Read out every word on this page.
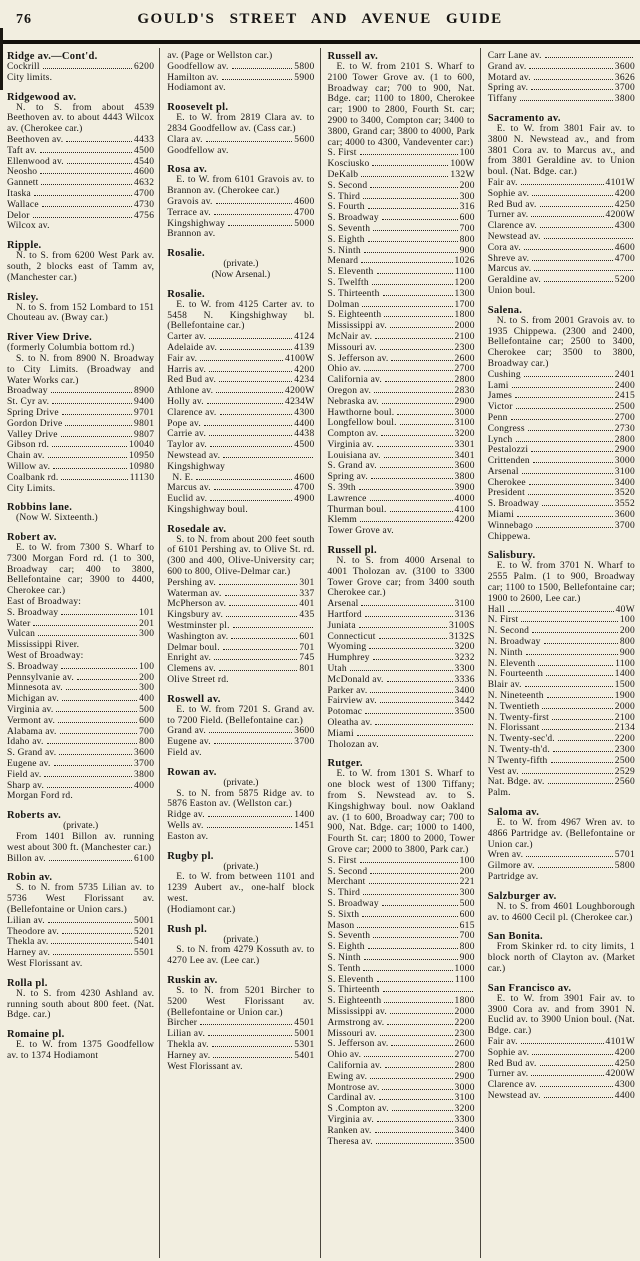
76	GOULD'S STREET AND AVENUE GUIDE
Ridge av.—Cont'd.
Cockrill	6200
City limits.
Ridgewood av.
N. to S. from about 4539 Beethoven av. to about 4443 Wilcox av. (Cherokee car.)
Beethoven av.	4433
Taft av.	4500
Ellenwood av.	4540
Neosho	4600
Gannett	4632
Itaska	4700
Wallace	4730
Delor	4756
Wilcox av.
Ripple.
N. to S. from 6200 West Park av. south, 2 blocks east of Tamm av, (Manchester car.)
Risley.
N. to S. from 152 Lombard to 151 Chouteau av. (Bway car.)
River View Drive.
(formerly Columbia bottom rd.)
S. to N. from 8900 N. Broadway to City Limits. (Broadway and Water Works car.)
Broadway	8900
St. Cyr av.	9400
Spring Drive	9701
Gordon Drive	9801
Valley Drive	9807
Gibson rd.	10040
Chain av.	10950
Willow av.	10980
Coalbank rd.	11130
City Limits.
Robbins lane.
(Now W. Sixteenth.)
Robert av.
E. to W. from 7300 S. Wharf to 7300 Morgan Ford rd. (1 to 300, Broadway car; 400 to 3800, Bellefontaine car; 3900 to 4400, Cherokee car.)
East of Broadway:
S. Broadway	101
Water	201
Vulcan	300
Mississippi River.
West of Broadway:
S. Broadway	100
Pennsylvanie av.	200
Minnesota av.	300
Michigan av.	400
Virginia av.	500
Vermont av.	600
Alabama av.	700
Idaho av.	800
S. Grand av.	3600
Eugene av.	3700
Field av.	3800
Sharp av.	4000
Morgan Ford rd.
Roberts av.
(private.)
From 1401 Billon av. running west about 300 ft. (Manchester car.)
Billon av.	6100
Robin av.
S. to N. from 5735 Lilian av. to 5736 West Florissant av. (Bellefontaine or Union cars.)
Lilian av.	5001
Theodore av.	5201
Thekla av.	5401
Harney av.	5501
West Florissant av.
Rolla pl.
N. to S. from 4230 Ashland av. running south about 800 feet. (Nat. Bdge. car.)
Romaine pl.
E. to W. from 1375 Goodfellow av. to 1374 Hodiamont
av. (Page or Wellston car.)
Goodfellow av.	5800
Hamilton av.	5900
Hodiamont av.
Roosevelt pl.
E. to W. from 2819 Clara av. to 2834 Goodfellow av. (Cass car.)
Clara av.	5600
Goodfellow av.
Rosa av.
E. to W. from 6101 Gravois av. to Brannon av. (Cherokee car.)
Gravois av.	4600
Terrace av.	4700
Kingshighway	5000
Brannon av.
Rosalie.
(private.)
(Now Arsenal.)
Rosalie.
E. to W. from 4125 Carter av. to 5458 N. Kingshighway bl. (Bellefontaine car.)
Carter av.	4124
Adelaide av.	4139
Fair av.	4100W
Harris av.	4200
Red Bud av.	4234
Athlone av.	4200W
Holly av.	4234W
Clarence av.	4300
Pope av.	4400
Carrie av.	4438
Taylor av.	4500
Newstead av.
Kingshighway
N. E.	4600
Marcus av.	4700
Euclid av.	4900
Kingshighway boul.
Rosedale av.
S. to N. from about 200 feet south of 6101 Pershing av. to Olive St. rd. (300 and 400, Olive-University car; 600 to 800, Olive-Delmar car.)
Pershing av.	301
Waterman av.	337
McPherson av.	401
Kingsbury av.	435
Westminster pl.
Washington av.	601
Delmar boul.	701
Enright av.	745
Clemens av.	801
Olive Street rd.
Roswell av.
E. to W. from 7201 S. Grand av. to 7200 Field. (Bellefontaine car.)
Grand av.	3600
Eugene av.	3700
Field av.
Rowan av.
(private.)
S. to N. from 5875 Ridge av. to 5876 Easton av. (Wellston car.)
Ridge av.	1400
Wells av.	1451
Easton av.
Rugby pl.
(private.)
E. to W. from between 1101 and 1239 Aubert av., one-half block west.
(Hodiamont car.)
Rush pl.
(private.)
S. to N. from 4279 Kossuth av. to 4270 Lee av. (Lee car.)
Ruskin av.
S. to N. from 5201 Bircher to 5200 West Florissant av. (Bellefontaine or Union car.)
Bircher	4501
Lilian av.	5001
Thekla av.	5301
Harney av.	5401
West Florissant av.
Russell av.
E. to W. from 2101 S. Wharf to 2100 Tower Grove av. (1 to 600, Broadway car; 700 to 900, Nat. Bdge. car; 1100 to 1800, Cherokee car; 1900 to 2800, Fourth St. car; 2900 to 3400, Compton car; 3400 to 3800, Grand car; 3800 to 4000, Park car; 4000 to 4300, Vandeventer car:)
S. First	100
Kosciusko	100W
DeKalb	132W
S. Second	200
S. Third	300
S. Fourth	316
S. Broadway	600
S. Seventh	700
S. Eighth	800
S. Ninth	900
Menard	1026
S. Eleventh	1100
S. Twelfth	1200
S. Thirteenth	1300
Dolman	1700
S. Eighteenth	1800
Mississippi av.	2000
McNair av.	2100
Missouri av.	2300
S. Jefferson av.	2600
Ohio av.	2700
California av.	2800
Oregon av.	2830
Nebraska av.	2900
Hawthorne boul.	3000
Longfellow boul.	3100
Compton av.	3200
Virginia av.	3301
Louisiana av.	3401
S. Grand av.	3600
Spring av.	3800
S. 39th	3900
Lawrence	4000
Thurman boul.	4100
Klemm	4200
Tower Grove av.
Russell pl.
N. to S. from 4000 Arsenal to 4001 Tholozan av. (3100 to 3300 Tower Grove car; from 3400 south Cherokee car.)
Arsenal	3100
Hartford	3136
Juniata	3100S
Connecticut	3132S
Wyoming	3200
Humphrey	3232
Utah	3300
McDonald av.	3336
Parker av.	3400
Fairview av.	3442
Potomac	3500
Oleatha av.
Miami
Tholozan av.
Rutger.
E. to W. from 1301 S. Wharf to one block west of 1300 Tiffany; from S. Newstead av. to S. Kingshighway boul. now Oakland av. (1 to 600, Broadway car; 700 to 900, Nat. Bdge. car; 1000 to 1400, Fourth St. car; 1800 to 2000, Tower Grove car; 2000 to 3800, Park car.)
S. First	100
S. Second	200
Merchant	221
S. Third	300
S. Broadway	500
S. Sixth	600
Mason	615
S. Seventh	700
S. Eighth	800
S. Ninth	900
S. Tenth	1000
S. Eleventh	1100
S. Thirteenth
S. Eighteenth	1800
Mississippi av.	2000
Armstrong av.	2200
Missouri av.	2300
S. Jefferson av.	2600
Ohio av.	2700
California av.	2800
Ewing av.	2900
Montrose av.	3000
Cardinal av.	3100
S .Compton av.	3200
Virginia av.	3300
Ranken av.	3400
Theresa av.	3500
Carr Lane av.
Grand av.	3600
Motard av.	3626
Spring av.	3700
Tiffany	3800
Sacramento av.
E. to W. from 3801 Fair av. to 3800 N. Newstead av., and from 3801 Cora av. to Marcus av., and from 3801 Geraldine av. to Union boul. (Nat. Bdge. car.)
Fair av.	4101W
Sophie av.	4200
Red Bud av.	4250
Turner av.	4200W
Clarence av.	4300
Newstead av.
Cora av.	4600
Shreve av.	4700
Marcus av.
Geraldine av.	5200
Union boul.
Salena.
N. to S. from 2001 Gravois av. to 1935 Chippewa. (2300 and 2400, Bellefontaine car; 2500 to 3400, Cherokee car; 3500 to 3800, Broadway car.)
Cushing	2401
Lami	2400
James	2415
Victor	2500
Penn	2700
Congress	2730
Lynch	2800
Pestalozzi	2900
Crittenden	3000
Arsenal	3100
Cherokee	3400
President	3520
S. Broadway	3552
Miami	3600
Winnebago	3700
Chippewa.
Salisbury.
E. to W. from 3701 N. Wharf to 2555 Palm. (1 to 900, Broadway car; 1100 to 1500, Bellefontaine car; 1900 to 2600, Lee car.)
Hall	40W
N. First	100
N. Second	200
N. Broadway	800
N. Ninth	900
N. Eleventh	1100
N. Fourteenth	1400
Blair av.	1500
N. Nineteenth	1900
N. Twentieth	2000
N. Twenty-first	2100
N. Florissant	2134
N. Twenty-sec'd.	2200
N. Twenty-th'd.	2300
N Twenty-fifth	2500
Vest av.	2529
Nat. Bdge. av.	2560
Palm.
Saloma av.
E. to W. from 4967 Wren av. to 4866 Partridge av. (Bellefontaine or Union car.)
Wren av.	5701
Gilmore av.	5800
Partridge av.
Salzburger av.
N. to S. from 4601 Loughborough av. to 4600 Cecil pl. (Cherokee car.)
San Bonita.
From Skinker rd. to city limits, 1 block north of Clayton av. (Market car.)
San Francisco av.
E. to W. from 3901 Fair av. to 3900 Cora av. and from 3901 N. Euclid av. to 3900 Union boul. (Nat. Bdge. car.)
Fair av.	4101W
Sophie av.	4200
Red Bud av.	4250
Turner av.	4200W
Clarence av.	4300
Newstead av.	4400
